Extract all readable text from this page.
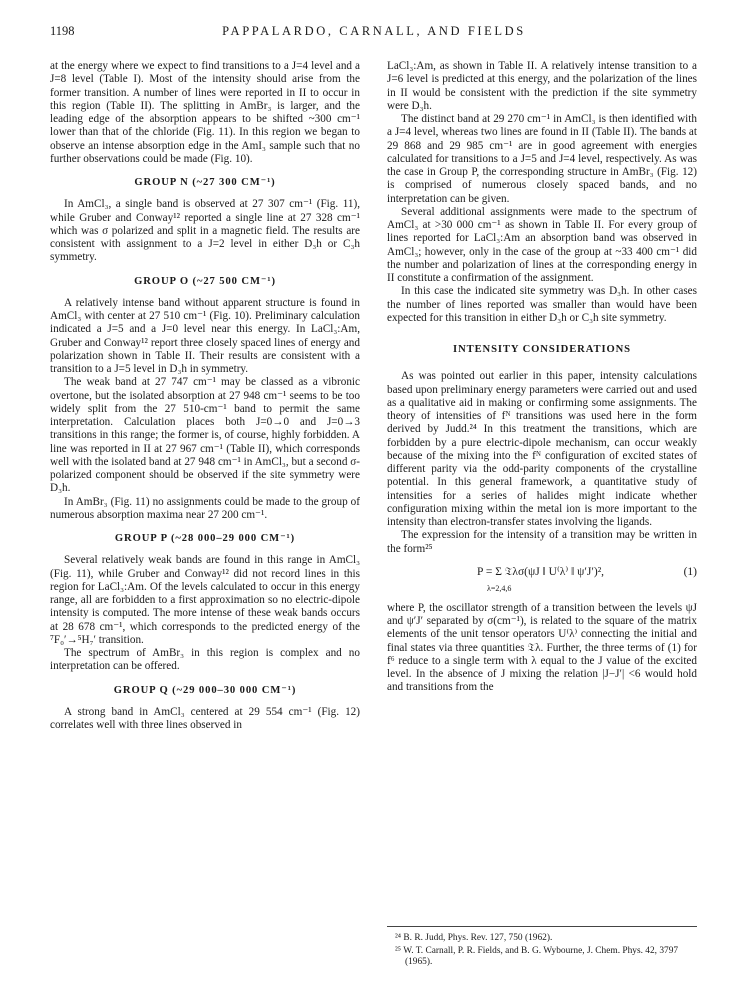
1198	PAPPALARDO, CARNALL, AND FIELDS

at the energy where we expect to find transitions to a J=4 level and a J=8 level (Table I). Most of the intensity should arise from the former transition. A number of lines were reported in II to occur in this region (Table II). The splitting in AmBr₃ is larger, and the leading edge of the absorption appears to be shifted ~300 cm⁻¹ lower than that of the chloride (Fig. 11). In this region we began to observe an intense absorption edge in the AmI₃ sample such that no further observations could be made (Fig. 10).

GROUP N (~27 300 CM⁻¹)

In AmCl₃, a single band is observed at 27 307 cm⁻¹ (Fig. 11), while Gruber and Conway¹² reported a single line at 27 328 cm⁻¹ which was σ polarized and split in a magnetic field. The results are consistent with assignment to a J=2 level in either D₃h or C₃h symmetry.

GROUP O (~27 500 CM⁻¹)

A relatively intense band without apparent structure is found in AmCl₃ with center at 27 510 cm⁻¹ (Fig. 10). Preliminary calculation indicated a J=5 and a J=0 level near this energy. In LaCl₃:Am, Gruber and Conway¹² report three closely spaced lines of energy and polarization shown in Table II. Their results are consistent with a transition to a J=5 level in D₃h in symmetry.

The weak band at 27 747 cm⁻¹ may be classed as a vibronic overtone, but the isolated absorption at 27 948 cm⁻¹ seems to be too widely split from the 27 510-cm⁻¹ band to permit the same interpretation. Calculation places both J=0→0 and J=0→3 transitions in this range; the former is, of course, highly forbidden. A line was reported in II at 27 967 cm⁻¹ (Table II), which corresponds well with the isolated band at 27 948 cm⁻¹ in AmCl₃, but a second σ-polarized component should be observed if the site symmetry were D₃h.

In AmBr₃ (Fig. 11) no assignments could be made to the group of numerous absorption maxima near 27 200 cm⁻¹.

GROUP P (~28 000–29 000 CM⁻¹)

Several relatively weak bands are found in this range in AmCl₃ (Fig. 11), while Gruber and Conway¹² did not record lines in this region for LaCl₃:Am. Of the levels calculated to occur in this energy range, all are forbidden to a first approximation so no electric-dipole intensity is computed. The more intense of these weak bands occurs at 28 678 cm⁻¹, which corresponds to the predicted energy of the ⁷F₀′→⁵H₇′ transition.

The spectrum of AmBr₃ in this region is complex and no interpretation can be offered.

GROUP Q (~29 000–30 000 CM⁻¹)

A strong band in AmCl₃ centered at 29 554 cm⁻¹ (Fig. 12) correlates well with three lines observed in

LaCl₃:Am, as shown in Table II. A relatively intense transition to a J=6 level is predicted at this energy, and the polarization of the lines in II would be consistent with the prediction if the site symmetry were D₃h.

The distinct band at 29 270 cm⁻¹ in AmCl₃ is then identified with a J=4 level, whereas two lines are found in II (Table II). The bands at 29 868 and 29 985 cm⁻¹ are in good agreement with energies calculated for transitions to a J=5 and J=4 level, respectively. As was the case in Group P, the corresponding structure in AmBr₃ (Fig. 12) is comprised of numerous closely spaced bands, and no interpretation can be given.

Several additional assignments were made to the spectrum of AmCl₃ at >30 000 cm⁻¹ as shown in Table II. For every group of lines reported for LaCl₃:Am an absorption band was observed in AmCl₃; however, only in the case of the group at ~33 400 cm⁻¹ did the number and polarization of lines at the corresponding energy in II constitute a confirmation of the assignment.

In this case the indicated site symmetry was D₃h. In other cases the number of lines reported was smaller than would have been expected for this transition in either D₃h or C₃h site symmetry.

INTENSITY CONSIDERATIONS

As was pointed out earlier in this paper, intensity calculations based upon preliminary energy parameters were carried out and used as a qualitative aid in making or confirming some assignments. The theory of intensities of fᴺ transitions was used here in the form derived by Judd.²⁴ In this treatment the transitions, which are forbidden by a pure electric-dipole mechanism, can occur weakly because of the mixing into the fᴺ configuration of excited states of different parity via the odd-parity components of the crystalline potential. In this general framework, a quantitative study of intensities for a series of halides might indicate whether configuration mixing within the metal ion is more important to the intensity than electron-transfer states involving the ligands.

The expression for the intensity of a transition may be written in the form²⁵

P = Σ 𝔗λσ(ψJ ‖ U⁽λ⁾ ‖ ψ′J′)²,
λ=2,4,6
(1)

where P, the oscillator strength of a transition between the levels ψJ and ψ′J′ separated by σ(cm⁻¹), is related to the square of the matrix elements of the unit tensor operators U⁽λ⁾ connecting the initial and final states via three quantities 𝔗λ. Further, the three terms of (1) for f⁶ reduce to a single term with λ equal to the J value of the excited level. In the absence of J mixing the relation |J−J′| <6 would hold and transitions from the

²⁴ B. R. Judd, Phys. Rev. 127, 750 (1962).

²⁵ W. T. Carnall, P. R. Fields, and B. G. Wybourne, J. Chem. Phys. 42, 3797 (1965).
